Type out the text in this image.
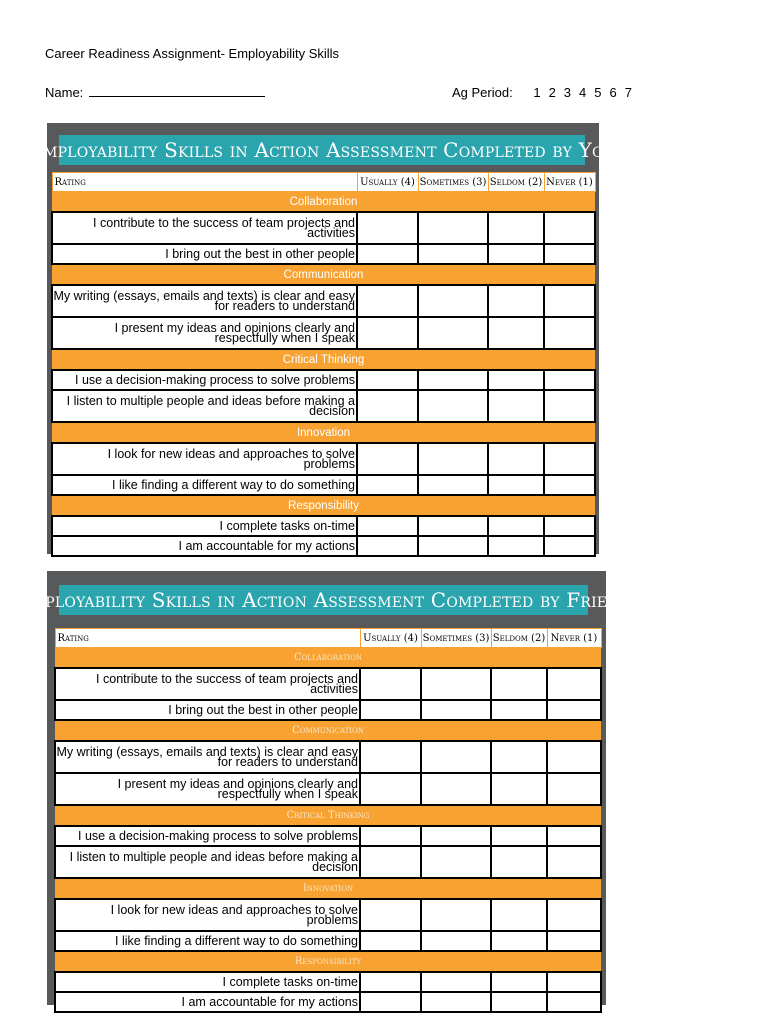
Career Readiness Assignment- Employability Skills
Name:	Ag Period: 1 2 3 4 5 6 7
Employability Skills in Action Assessment Completed by You
Rating	Usually (4)	Sometimes (3)	Seldom (2)	Never (1)
Collaboration				
I contribute to the success of team projects and activities				
I bring out the best in other people				
Communication				
My writing (essays, emails and texts) is clear and easy for readers to understand				
I present my ideas and opinions clearly and respectfully when I speak				
Critical Thinking				
I use a decision-making process to solve problems				
I listen to multiple people and ideas before making a decision				
Innovation				
I look for new ideas and approaches to solve problems				
I like finding a different way to do something				
Responsibility				
I complete tasks on-time				
I am accountable for my actions				
Employability Skills in Action Assessment Completed by Friend
Rating	Usually (4)	Sometimes (3)	Seldom (2)	Never (1)
Collaboration				
I contribute to the success of team projects and activities				
I bring out the best in other people				
Communication				
My writing (essays, emails and texts) is clear and easy for readers to understand				
I present my ideas and opinions clearly and respectfully when I speak				
Critical Thinking				
I use a decision-making process to solve problems				
I listen to multiple people and ideas before making a decision				
Innovation				
I look for new ideas and approaches to solve problems				
I like finding a different way to do something				
Responsibility				
I complete tasks on-time				
I am accountable for my actions				
